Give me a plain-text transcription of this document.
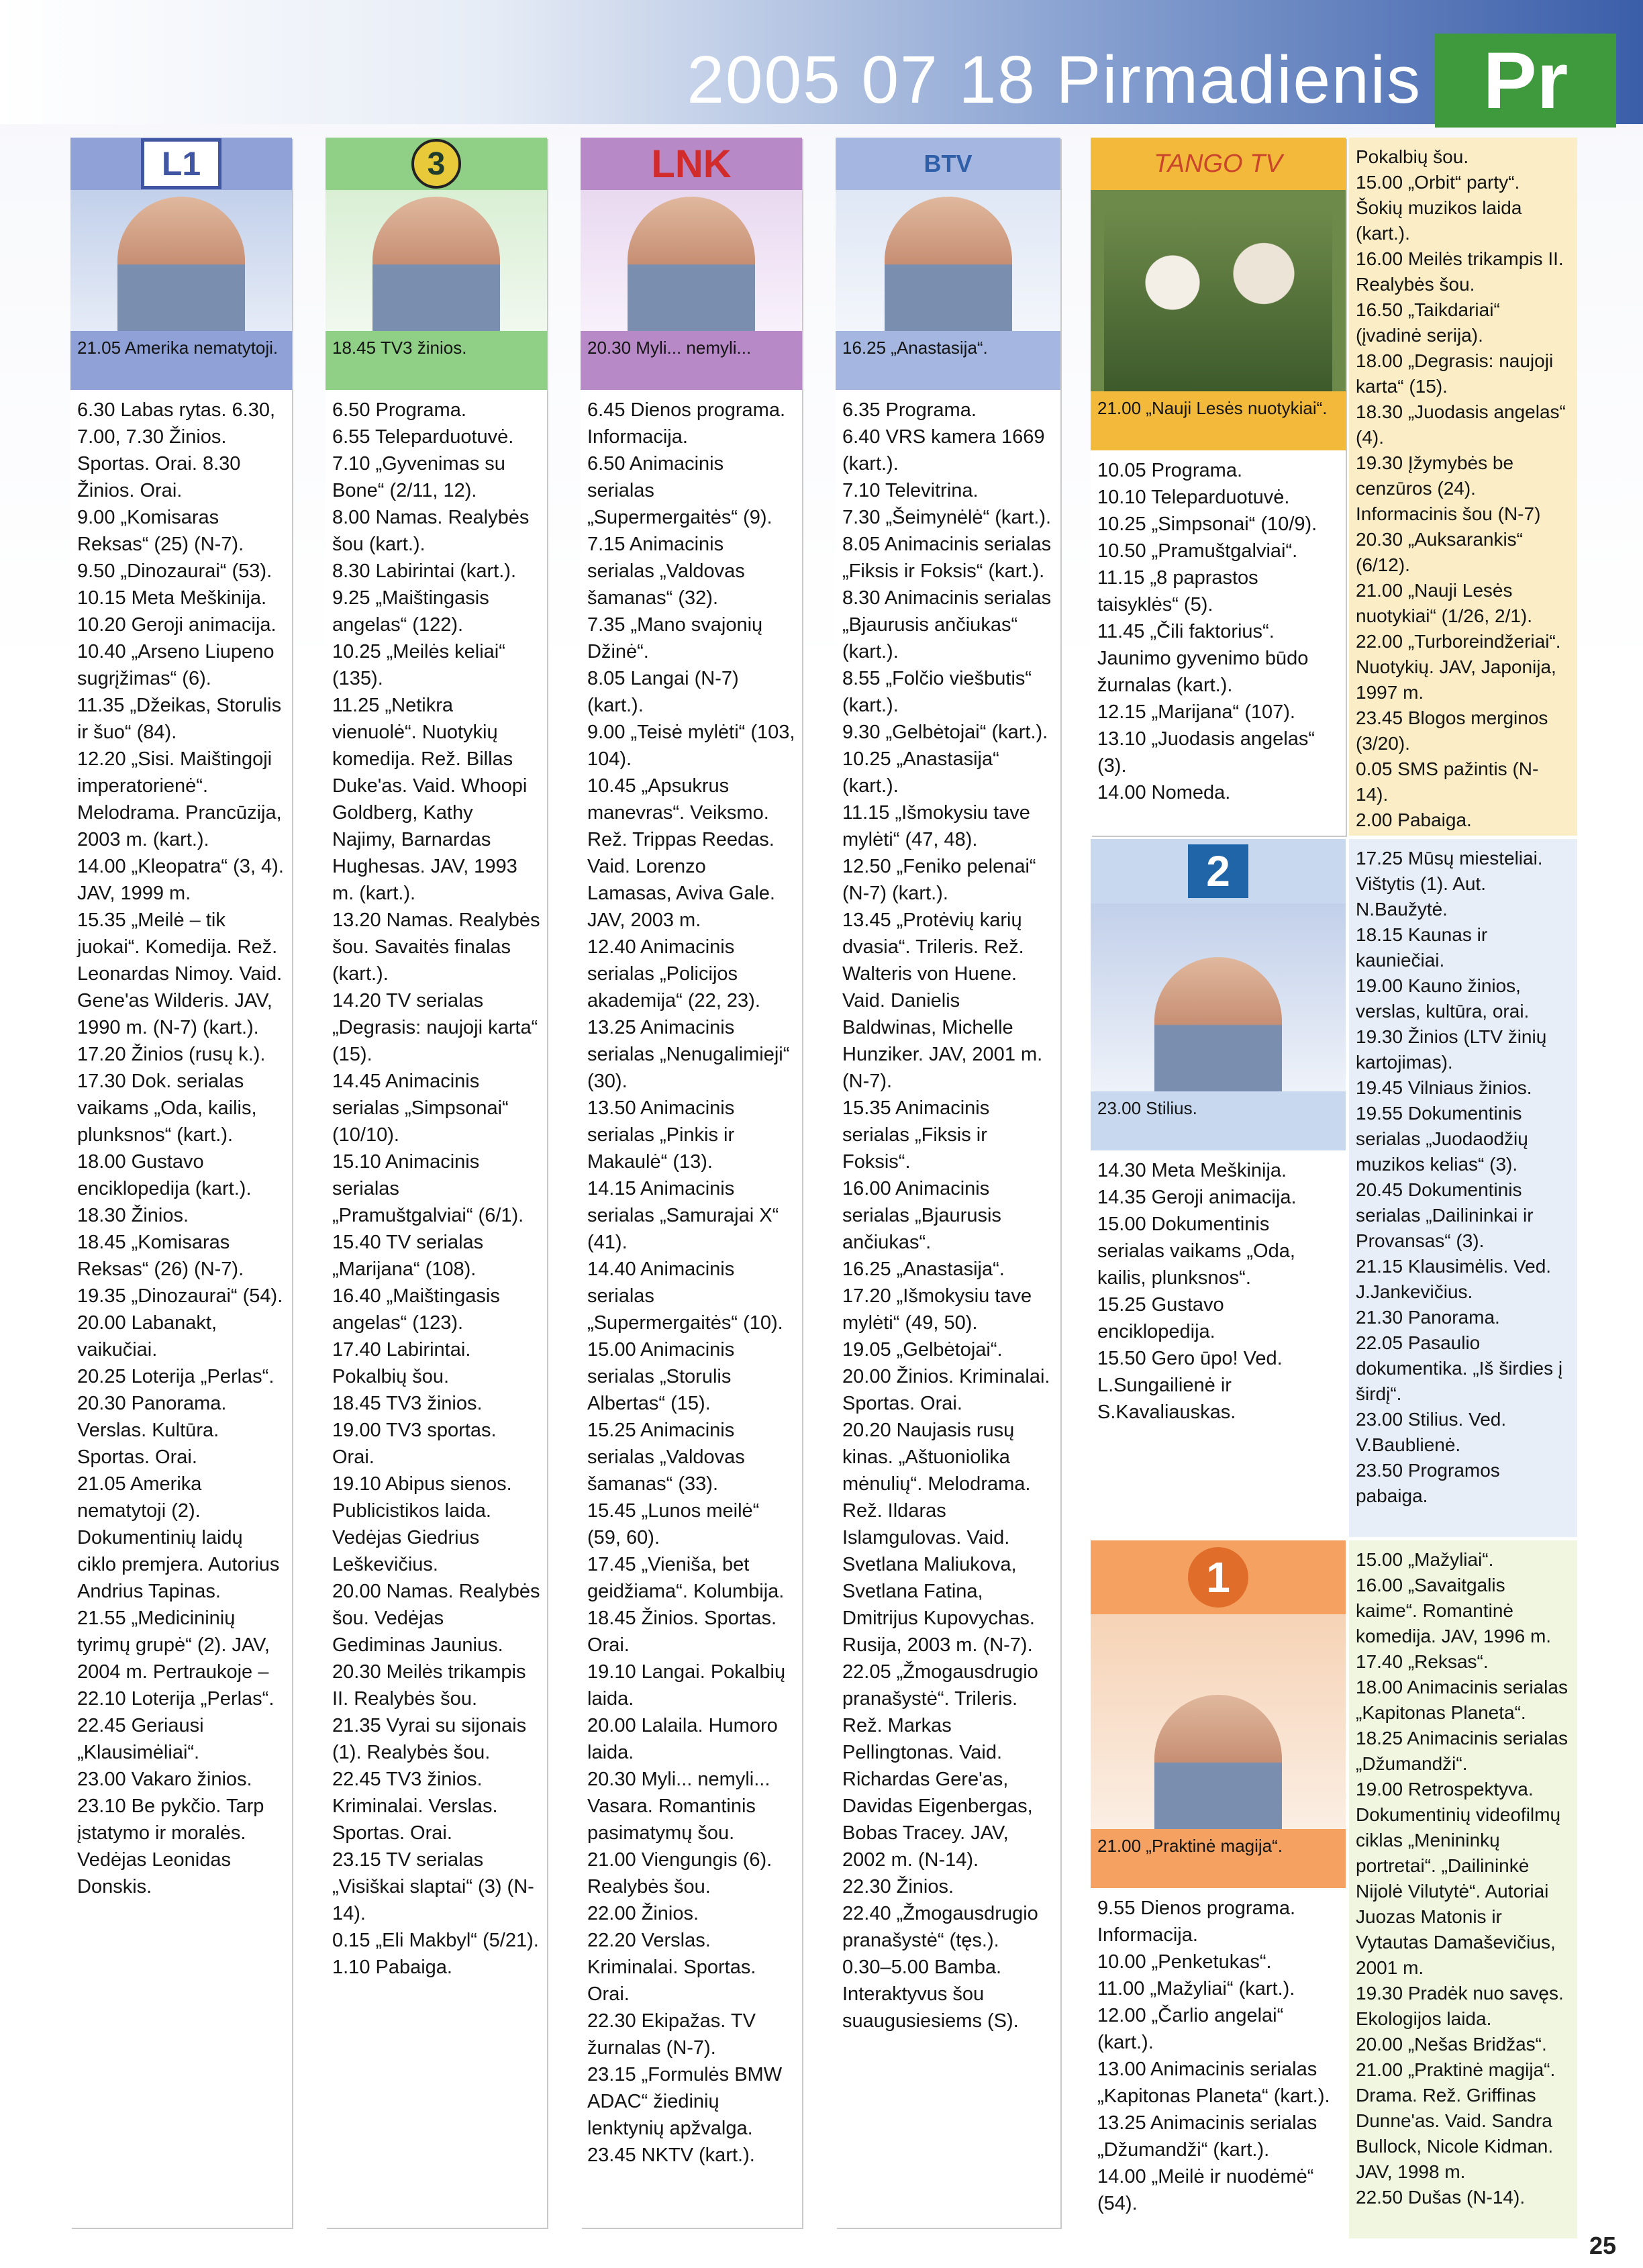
2005 07 18 Pirmadienis Pr
L1
21.05 Amerika nematytoji.
6.30 Labas rytas. 6.30, 7.00, 7.30 Žinios. Sportas. Orai. 8.30 Žinios. Orai.
9.00 „Komisaras Reksas“ (25) (N-7).
9.50 „Dinozaurai“ (53).
10.15 Meta Meškinija.
10.20 Geroji animacija.
10.40 „Arseno Liupeno sugrįžimas“ (6).
11.35 „Džeikas, Storulis ir šuo“ (84).
12.20 „Sisi. Maištingoji imperatorienė“. Melodrama. Prancūzija, 2003 m. (kart.).
14.00 „Kleopatra“ (3, 4). JAV, 1999 m.
15.35 „Meilė – tik juokai“. Komedija. Rež. Leonardas Nimoy. Vaid. Gene'as Wilderis. JAV, 1990 m. (N-7) (kart.).
17.20 Žinios (rusų k.).
17.30 Dok. serialas vaikams „Oda, kailis, plunksnos“ (kart.).
18.00 Gustavo enciklopedija (kart.).
18.30 Žinios.
18.45 „Komisaras Reksas“ (26) (N-7).
19.35 „Dinozaurai“ (54).
20.00 Labanakt, vaikučiai.
20.25 Loterija „Perlas“.
20.30 Panorama. Verslas. Kultūra. Sportas. Orai.
21.05 Amerika nematytoji (2). Dokumentinių laidų ciklo premjera. Autorius Andrius Tapinas.
21.55 „Medicininių tyrimų grupė“ (2). JAV, 2004 m. Pertraukoje – 22.10 Loterija „Perlas“.
22.45 Geriausi „Klausimėliai“.
23.00 Vakaro žinios.
23.10 Be pykčio. Tarp įstatymo ir moralės. Vedėjas Leonidas Donskis.
3
18.45 TV3 žinios.
6.50 Programa.
6.55 Teleparduotuvė.
7.10 „Gyvenimas su Bone“ (2/11, 12).
8.00 Namas. Realybės šou (kart.).
8.30 Labirintai (kart.).
9.25 „Maištingasis angelas“ (122).
10.25 „Meilės keliai“ (135).
11.25 „Netikra vienuolė“. Nuotykių komedija. Rež. Billas Duke'as. Vaid. Whoopi Goldberg, Kathy Najimy, Barnardas Hughesas. JAV, 1993 m. (kart.).
13.20 Namas. Realybės šou. Savaitės finalas (kart.).
14.20 TV serialas „Degrasis: naujoji karta“ (15).
14.45 Animacinis serialas „Simpsonai“ (10/10).
15.10 Animacinis serialas „Pramuštgalviai“ (6/1).
15.40 TV serialas „Marijana“ (108).
16.40 „Maištingasis angelas“ (123).
17.40 Labirintai. Pokalbių šou.
18.45 TV3 žinios.
19.00 TV3 sportas. Orai.
19.10 Abipus sienos. Publicistikos laida. Vedėjas Giedrius Leškevičius.
20.00 Namas. Realybės šou. Vedėjas Gediminas Jaunius.
20.30 Meilės trikampis II. Realybės šou.
21.35 Vyrai su sijonais (1). Realybės šou.
22.45 TV3 žinios. Kriminalai. Verslas. Sportas. Orai.
23.15 TV serialas „Visiškai slaptai“ (3) (N-14).
0.15 „Eli Makbyl“ (5/21).
1.10 Pabaiga.
LNK
20.30 Myli... nemyli...
6.45 Dienos programa. Informacija.
6.50 Animacinis serialas „Supermergaitės“ (9).
7.15 Animacinis serialas „Valdovas šamanas“ (32).
7.35 „Mano svajonių Džinė“.
8.05 Langai (N-7) (kart.).
9.00 „Teisė mylėti“ (103, 104).
10.45 „Apsukrus manevras“. Veiksmo. Rež. Trippas Reedas. Vaid. Lorenzo Lamasas, Aviva Gale. JAV, 2003 m.
12.40 Animacinis serialas „Policijos akademija“ (22, 23).
13.25 Animacinis serialas „Nenugalimieji“ (30).
13.50 Animacinis serialas „Pinkis ir Makaulė“ (13).
14.15 Animacinis serialas „Samurajai X“ (41).
14.40 Animacinis serialas „Supermergaitės“ (10).
15.00 Animacinis serialas „Storulis Albertas“ (15).
15.25 Animacinis serialas „Valdovas šamanas“ (33).
15.45 „Lunos meilė“ (59, 60).
17.45 „Vieniša, bet geidžiama“. Kolumbija.
18.45 Žinios. Sportas. Orai.
19.10 Langai. Pokalbių laida.
20.00 Lalaila. Humoro laida.
20.30 Myli... nemyli... Vasara. Romantinis pasimatymų šou.
21.00 Viengungis (6). Realybės šou.
22.00 Žinios.
22.20 Verslas. Kriminalai. Sportas. Orai.
22.30 Ekipažas. TV žurnalas (N-7).
23.15 „Formulės BMW ADAC“ žiedinių lenktynių apžvalga.
23.45 NKTV (kart.).
BTV
16.25 „Anastasija“.
6.35 Programa.
6.40 VRS kamera 1669 (kart.).
7.10 Televitrina.
7.30 „Šeimynėlė“ (kart.).
8.05 Animacinis serialas „Fiksis ir Foksis“ (kart.).
8.30 Animacinis serialas „Bjaurusis ančiukas“ (kart.).
8.55 „Folčio viešbutis“ (kart.).
9.30 „Gelbėtojai“ (kart.).
10.25 „Anastasija“ (kart.).
11.15 „Išmokysiu tave mylėti“ (47, 48).
12.50 „Feniko pelenai“ (N-7) (kart.).
13.45 „Protėvių karių dvasia“. Trileris. Rež. Walteris von Huene. Vaid. Danielis Baldwinas, Michelle Hunziker. JAV, 2001 m. (N-7).
15.35 Animacinis serialas „Fiksis ir Foksis“.
16.00 Animacinis serialas „Bjaurusis ančiukas“.
16.25 „Anastasija“.
17.20 „Išmokysiu tave mylėti“ (49, 50).
19.05 „Gelbėtojai“.
20.00 Žinios. Kriminalai. Sportas. Orai.
20.20 Naujasis rusų kinas. „Aštuoniolika mėnulių“. Melodrama. Rež. Ildaras Islamgulovas. Vaid. Svetlana Maliukova, Svetlana Fatina, Dmitrijus Kupovychas. Rusija, 2003 m. (N-7).
22.05 „Žmogausdrugio pranašystė“. Trileris. Rež. Markas Pellingtonas. Vaid. Richardas Gere'as, Davidas Eigenbergas, Bobas Tracey. JAV, 2002 m. (N-14).
22.30 Žinios.
22.40 „Žmogausdrugio pranašystė“ (tęs.).
0.30–5.00 Bamba. Interaktyvus šou suaugusiesiems (S).
TANGO TV
21.00 „Nauji Lesės nuotykiai“.
10.05 Programa.
10.10 Teleparduotuvė.
10.25 „Simpsonai“ (10/9).
10.50 „Pramuštgalviai“.
11.15 „8 paprastos taisyklės“ (5).
11.45 „Čili faktorius“. Jaunimo gyvenimo būdo žurnalas (kart.).
12.15 „Marijana“ (107).
13.10 „Juodasis angelas“ (3).
14.00 Nomeda.
Pokalbių šou.
15.00 „Orbit“ party“. Šokių muzikos laida (kart.).
16.00 Meilės trikampis II. Realybės šou.
16.50 „Taikdariai“ (įvadinė serija).
18.00 „Degrasis: naujoji karta“ (15).
18.30 „Juodasis angelas“ (4).
19.30 Įžymybės be cenzūros (24). Informacinis šou (N-7)
20.30 „Auksarankis“ (6/12).
21.00 „Nauji Lesės nuotykiai“ (1/26, 2/1).
22.00 „Turboreindžeriai“. Nuotykių. JAV, Japonija, 1997 m.
23.45 Blogos merginos (3/20).
0.05 SMS pažintis (N-14).
2.00 Pabaiga.
2
23.00 Stilius.
14.30 Meta Meškinija.
14.35 Geroji animacija.
15.00 Dokumentinis serialas vaikams „Oda, kailis, plunksnos“.
15.25 Gustavo enciklopedija.
15.50 Gero ūpo! Ved. L.Sungailienė ir S.Kavaliauskas.
17.25 Mūsų miesteliai. Vištytis (1). Aut. N.Baužytė.
18.15 Kaunas ir kauniečiai.
19.00 Kauno žinios, verslas, kultūra, orai.
19.30 Žinios (LTV žinių kartojimas).
19.45 Vilniaus žinios.
19.55 Dokumentinis serialas „Juodaodžių muzikos kelias“ (3).
20.45 Dokumentinis serialas „Dailininkai ir Provansas“ (3).
21.15 Klausimėlis. Ved. J.Jankevičius.
21.30 Panorama.
22.05 Pasaulio dokumentika. „Iš širdies į širdį“.
23.00 Stilius. Ved. V.Baublienė.
23.50 Programos pabaiga.
1
21.00 „Praktinė magija“.
9.55 Dienos programa. Informacija.
10.00 „Penketukas“.
11.00 „Mažyliai“ (kart.).
12.00 „Čarlio angelai“ (kart.).
13.00 Animacinis serialas „Kapitonas Planeta“ (kart.).
13.25 Animacinis serialas „Džumandži“ (kart.).
14.00 „Meilė ir nuodėmė“ (54).
15.00 „Mažyliai“.
16.00 „Savaitgalis kaime“. Romantinė komedija. JAV, 1996 m.
17.40 „Reksas“.
18.00 Animacinis serialas „Kapitonas Planeta“.
18.25 Animacinis serialas „Džumandži“.
19.00 Retrospektyva. Dokumentinių videofilmų ciklas „Menininkų portretai“. „Dailininkė Nijolė Vilutytė“. Autoriai Juozas Matonis ir Vytautas Damaševičius, 2001 m.
19.30 Pradėk nuo savęs. Ekologijos laida.
20.00 „Nešas Bridžas“.
21.00 „Praktinė magija“. Drama. Rež. Griffinas Dunne'as. Vaid. Sandra Bullock, Nicole Kidman. JAV, 1998 m.
22.50 Dušas (N-14).
25
